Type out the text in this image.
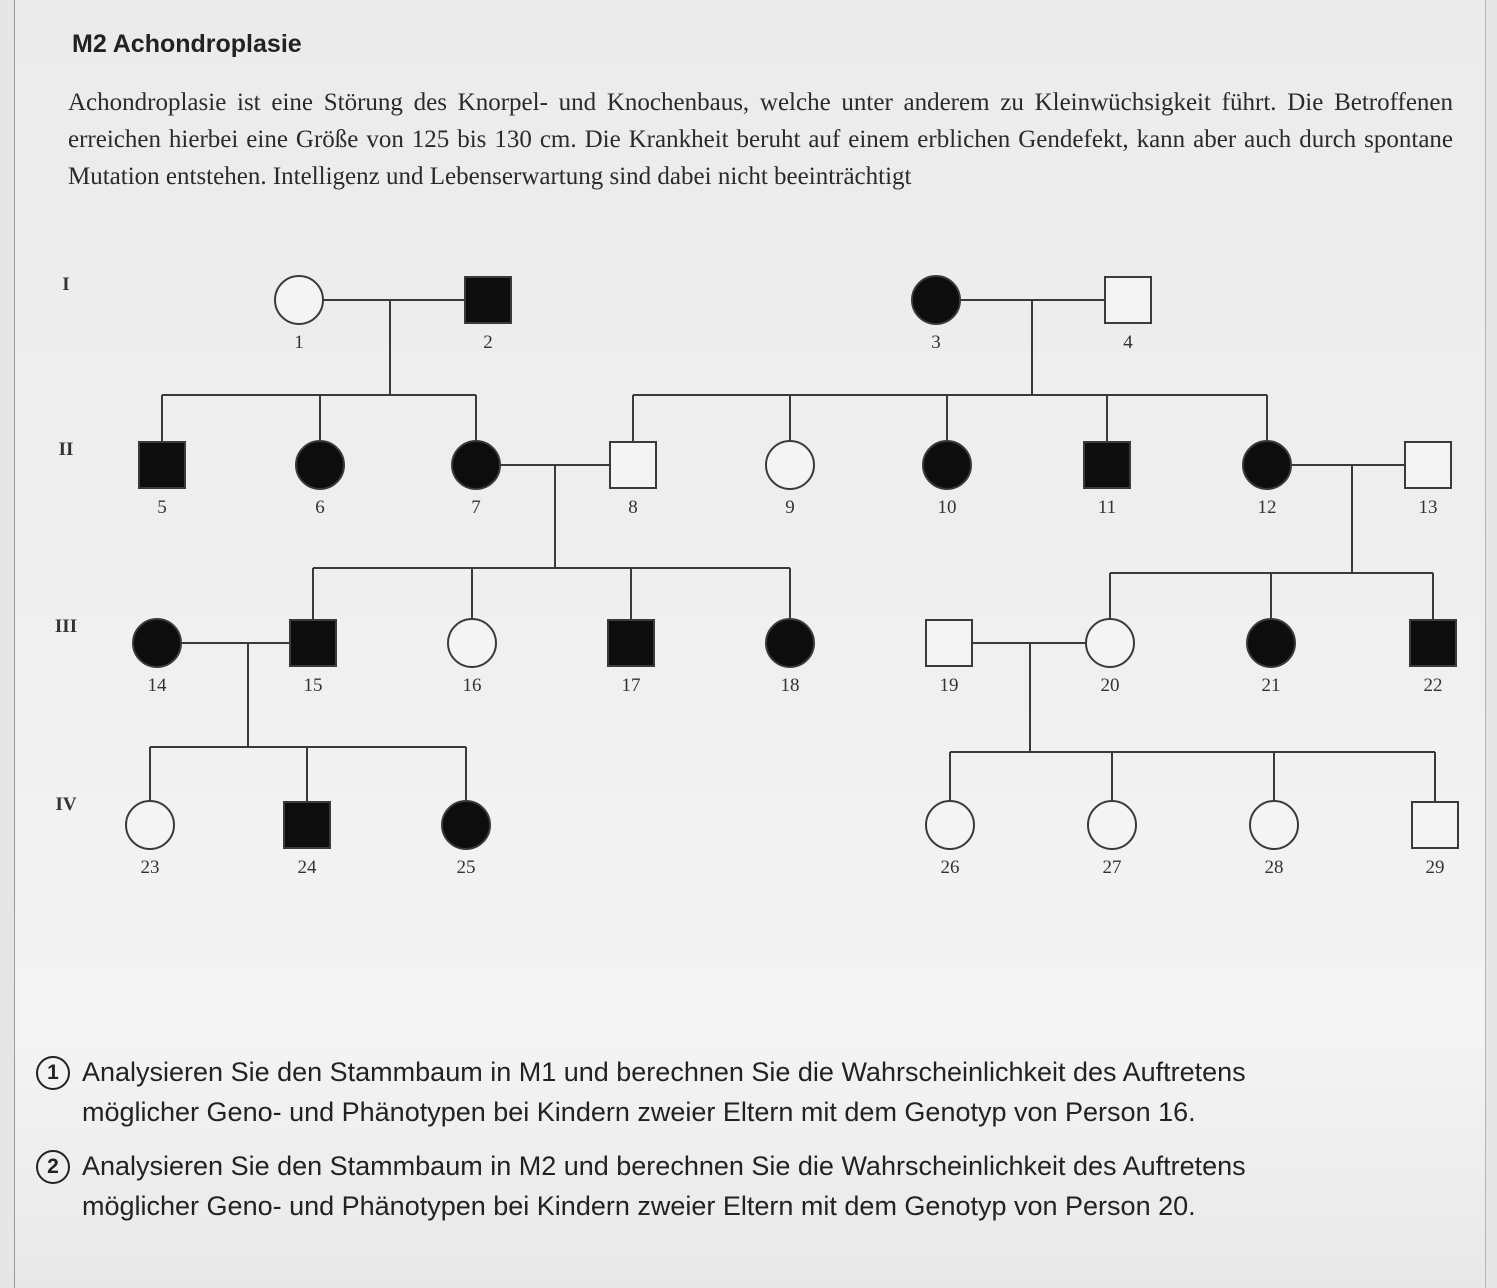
M2 Achondroplasie

Achondroplasie ist eine Störung des Knorpel- und Knochenbaus, welche unter anderem zu Kleinwüchsigkeit führt. Die Betroffenen erreichen hierbei eine Größe von 125 bis 130 cm. Die Krankheit beruht auf einem erblichen Gendefekt, kann aber auch durch spontane Mutation entstehen. Intelligenz und Lebenserwartung sind dabei nicht beeinträchtigt

I
II
III
IV
1	2	3	4
5	6	7	8	9	10	11	12	13
14	15	16	17	18	19	20	21	22
23	24	25	26	27	28	29
1 Analysieren Sie den Stammbaum in M1 und berechnen Sie die Wahrscheinlichkeit des Auftretens
möglicher Geno- und Phänotypen bei Kindern zweier Eltern mit dem Genotyp von Person 16.
2 Analysieren Sie den Stammbaum in M2 und berechnen Sie die Wahrscheinlichkeit des Auftretens
möglicher Geno- und Phänotypen bei Kindern zweier Eltern mit dem Genotyp von Person 20.
